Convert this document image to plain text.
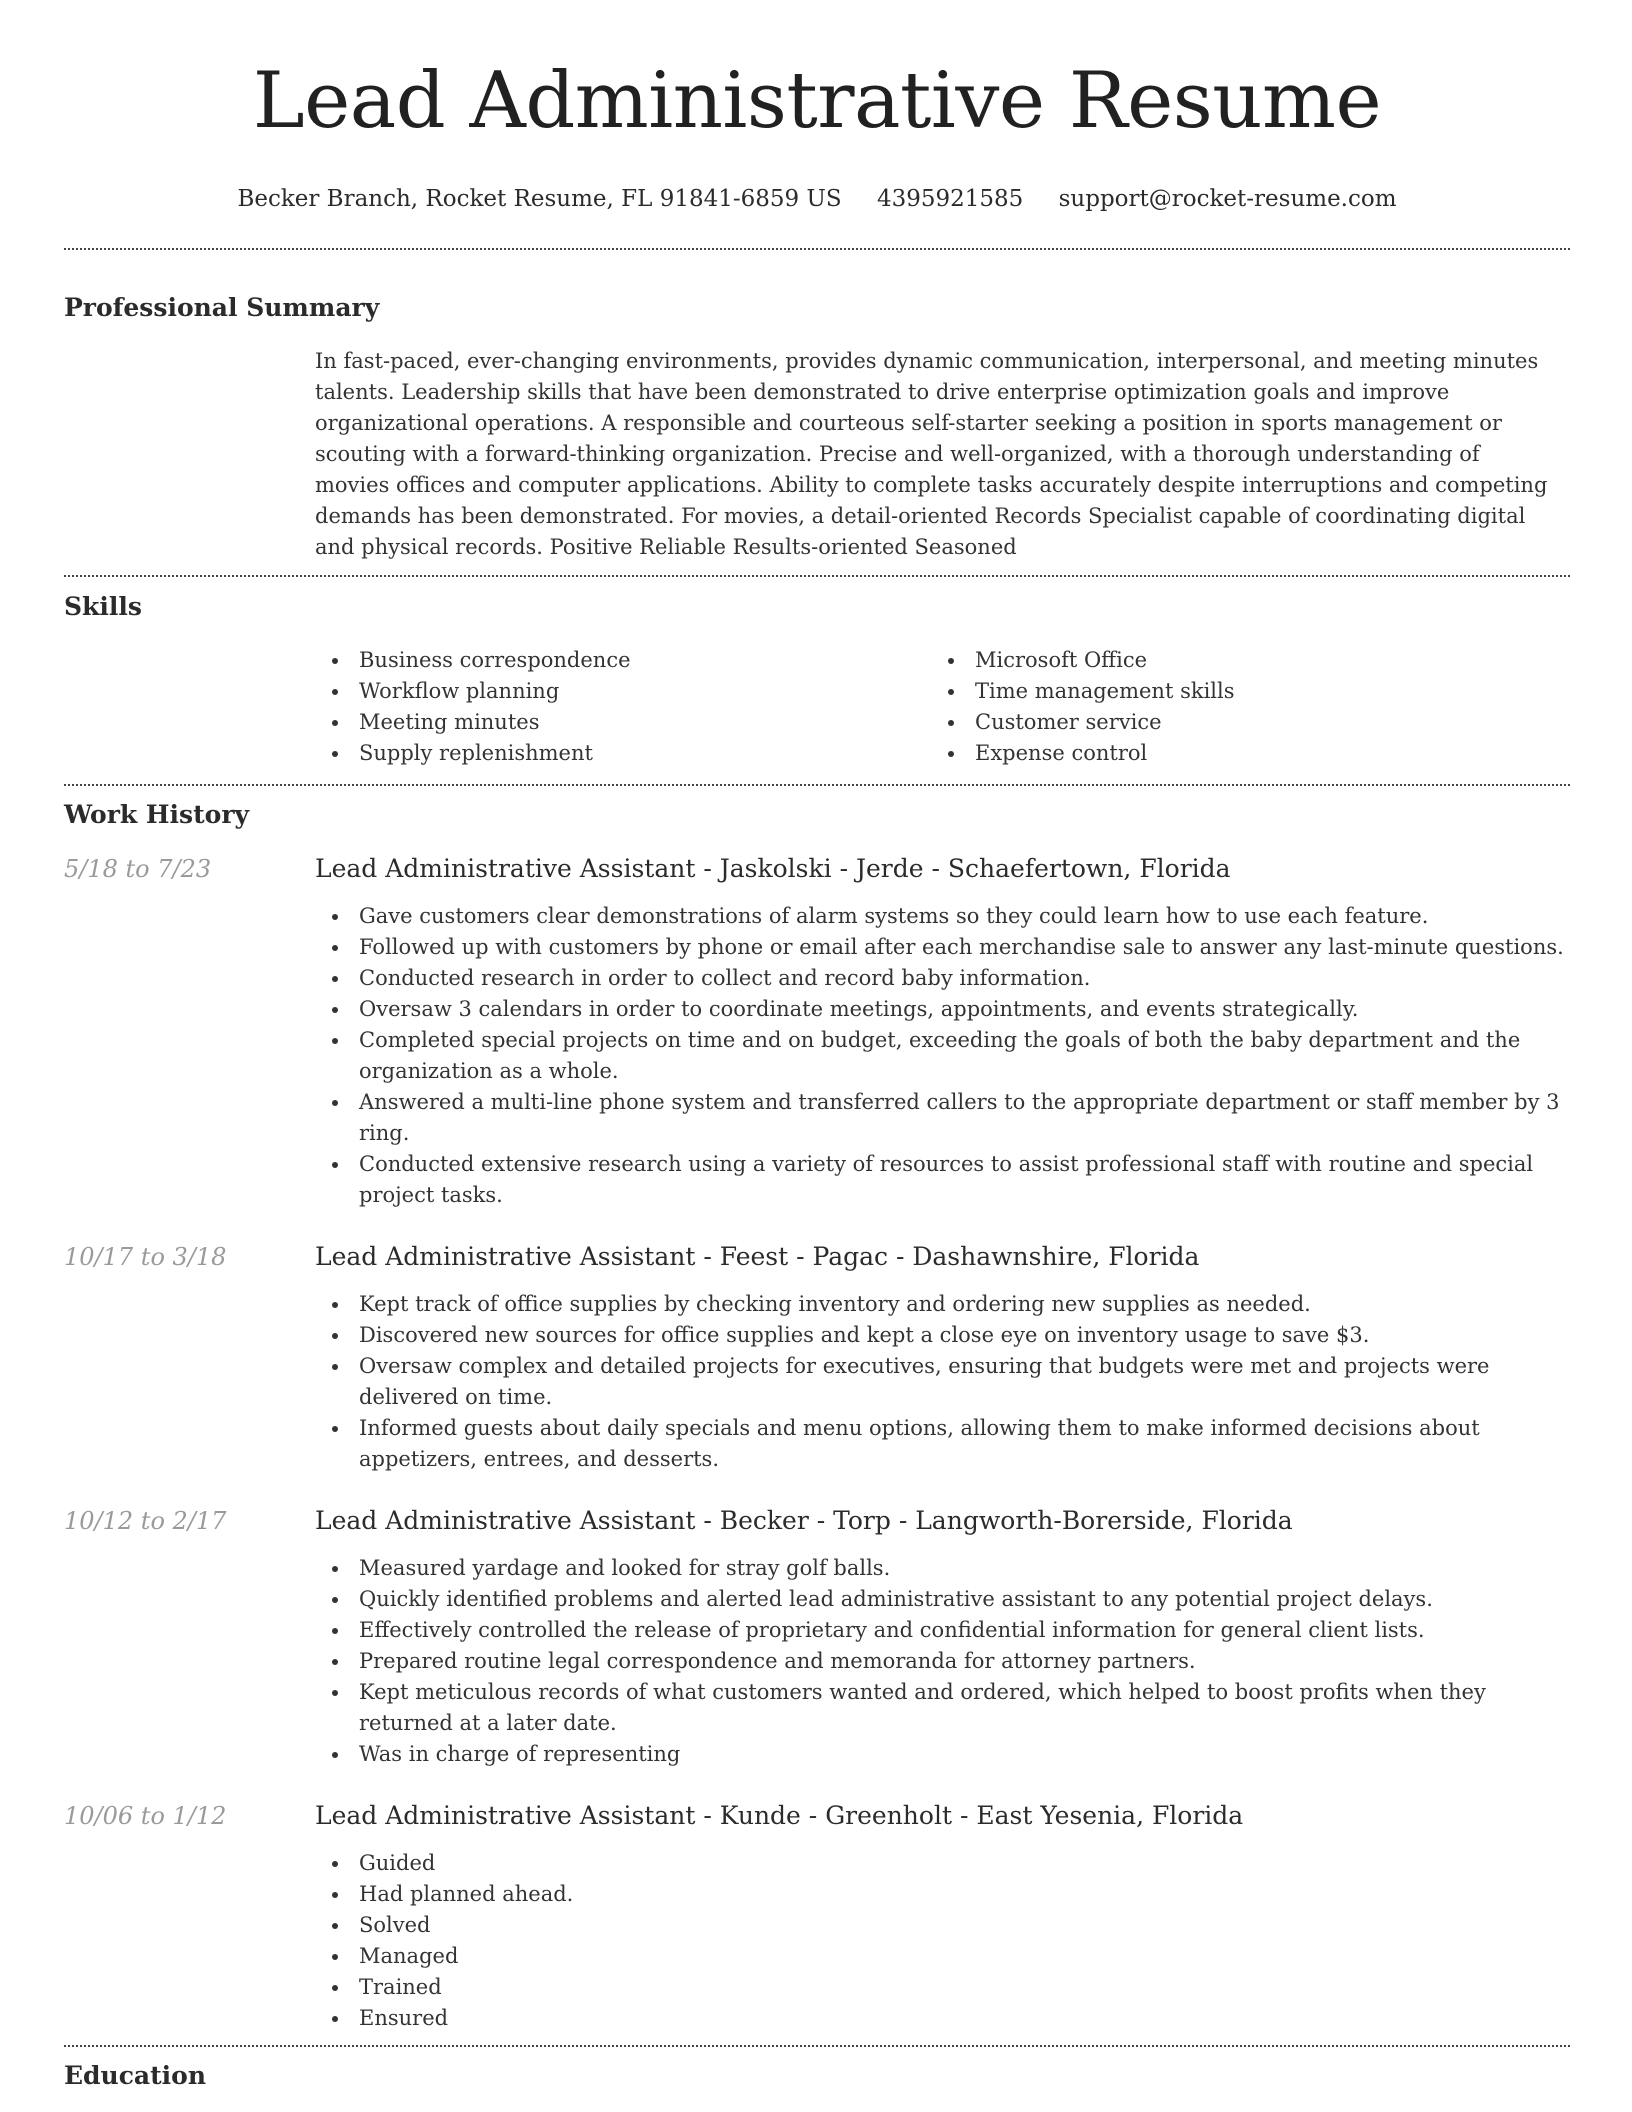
Lead Administrative Resume
Becker Branch, Rocket Resume, FL 91841-6859 US 4395921585 support@rocket-resume.com
Professional Summary

In fast-paced, ever-changing environments, provides dynamic communication, interpersonal, and meeting minutes talents. Leadership skills that have been demonstrated to drive enterprise optimization goals and improve organizational operations. A responsible and courteous self-starter seeking a position in sports management or scouting with a forward-thinking organization. Precise and well-organized, with a thorough understanding of movies offices and computer applications. Ability to complete tasks accurately despite interruptions and competing demands has been demonstrated. For movies, a detail-oriented Records Specialist capable of coordinating digital and physical records. Positive Reliable Results-oriented Seasoned

Skills
Business correspondence
Workflow planning
Meeting minutes
Supply replenishment
Microsoft Office
Time management skills
Customer service
Expense control
Work History
5/18 to 7/23	Lead Administrative Assistant - Jaskolski - Jerde - Schaefertown, Florida
Gave customers clear demonstrations of alarm systems so they could learn how to use each feature.
Followed up with customers by phone or email after each merchandise sale to answer any last-minute questions.
Conducted research in order to collect and record baby information.
Oversaw 3 calendars in order to coordinate meetings, appointments, and events strategically.
Completed special projects on time and on budget, exceeding the goals of both the baby department and the organization as a whole.
Answered a multi-line phone system and transferred callers to the appropriate department or staff member by 3 ring.
Conducted extensive research using a variety of resources to assist professional staff with routine and special project tasks.
10/17 to 3/18	Lead Administrative Assistant - Feest - Pagac - Dashawnshire, Florida
Kept track of office supplies by checking inventory and ordering new supplies as needed.
Discovered new sources for office supplies and kept a close eye on inventory usage to save $3.
Oversaw complex and detailed projects for executives, ensuring that budgets were met and projects were delivered on time.
Informed guests about daily specials and menu options, allowing them to make informed decisions about appetizers, entrees, and desserts.
10/12 to 2/17	Lead Administrative Assistant - Becker - Torp - Langworth-Borerside, Florida
Measured yardage and looked for stray golf balls.
Quickly identified problems and alerted lead administrative assistant to any potential project delays.
Effectively controlled the release of proprietary and confidential information for general client lists.
Prepared routine legal correspondence and memoranda for attorney partners.
Kept meticulous records of what customers wanted and ordered, which helped to boost profits when they returned at a later date.
Was in charge of representing
10/06 to 1/12	Lead Administrative Assistant - Kunde - Greenholt - East Yesenia, Florida
Guided
Had planned ahead.
Solved
Managed
Trained
Ensured
Education
